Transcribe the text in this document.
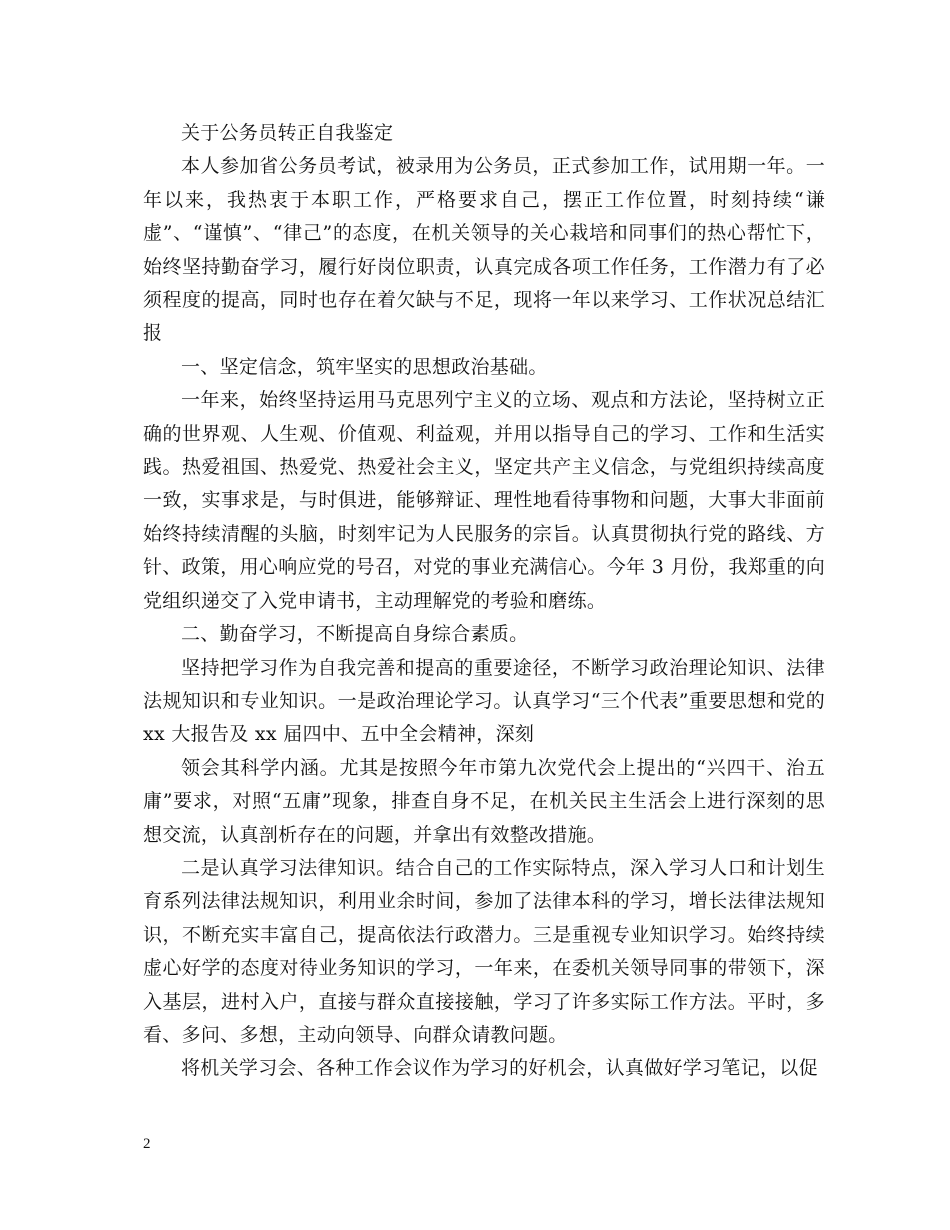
关于公务员转正自我鉴定

本人参加省公务员考试，被录用为公务员，正式参加工作，试用期一年。一年以来，我热衷于本职工作，严格要求自己，摆正工作位置，时刻持续“谦虚”、“谨慎”、“律己”的态度，在机关领导的关心栽培和同事们的热心帮忙下，始终坚持勤奋学习，履行好岗位职责，认真完成各项工作任务，工作潜力有了必须程度的提高，同时也存在着欠缺与不足，现将一年以来学习、工作状况总结汇报

一、坚定信念，筑牢坚实的思想政治基础。

一年来，始终坚持运用马克思列宁主义的立场、观点和方法论，坚持树立正确的世界观、人生观、价值观、利益观，并用以指导自己的学习、工作和生活实践。热爱祖国、热爱党、热爱社会主义，坚定共产主义信念，与党组织持续高度一致，实事求是，与时俱进，能够辩证、理性地看待事物和问题，大事大非面前始终持续清醒的头脑，时刻牢记为人民服务的宗旨。认真贯彻执行党的路线、方针、政策，用心响应党的号召，对党的事业充满信心。今年 3 月份，我郑重的向党组织递交了入党申请书，主动理解党的考验和磨练。

二、勤奋学习，不断提高自身综合素质。

坚持把学习作为自我完善和提高的重要途径，不断学习政治理论知识、法律法规知识和专业知识。一是政治理论学习。认真学习“三个代表”重要思想和党的 xx 大报告及 xx 届四中、五中全会精神，深刻

领会其科学内涵。尤其是按照今年市第九次党代会上提出的“兴四干、治五庸”要求，对照“五庸”现象，排查自身不足，在机关民主生活会上进行深刻的思想交流，认真剖析存在的问题，并拿出有效整改措施。

二是认真学习法律知识。结合自己的工作实际特点，深入学习人口和计划生育系列法律法规知识，利用业余时间，参加了法律本科的学习，增长法律法规知识，不断充实丰富自己，提高依法行政潜力。三是重视专业知识学习。始终持续虚心好学的态度对待业务知识的学习，一年来，在委机关领导同事的带领下，深入基层，进村入户，直接与群众直接接触，学习了许多实际工作方法。平时，多看、多问、多想，主动向领导、向群众请教问题。

将机关学习会、各种工作会议作为学习的好机会，认真做好学习笔记，以促

2
